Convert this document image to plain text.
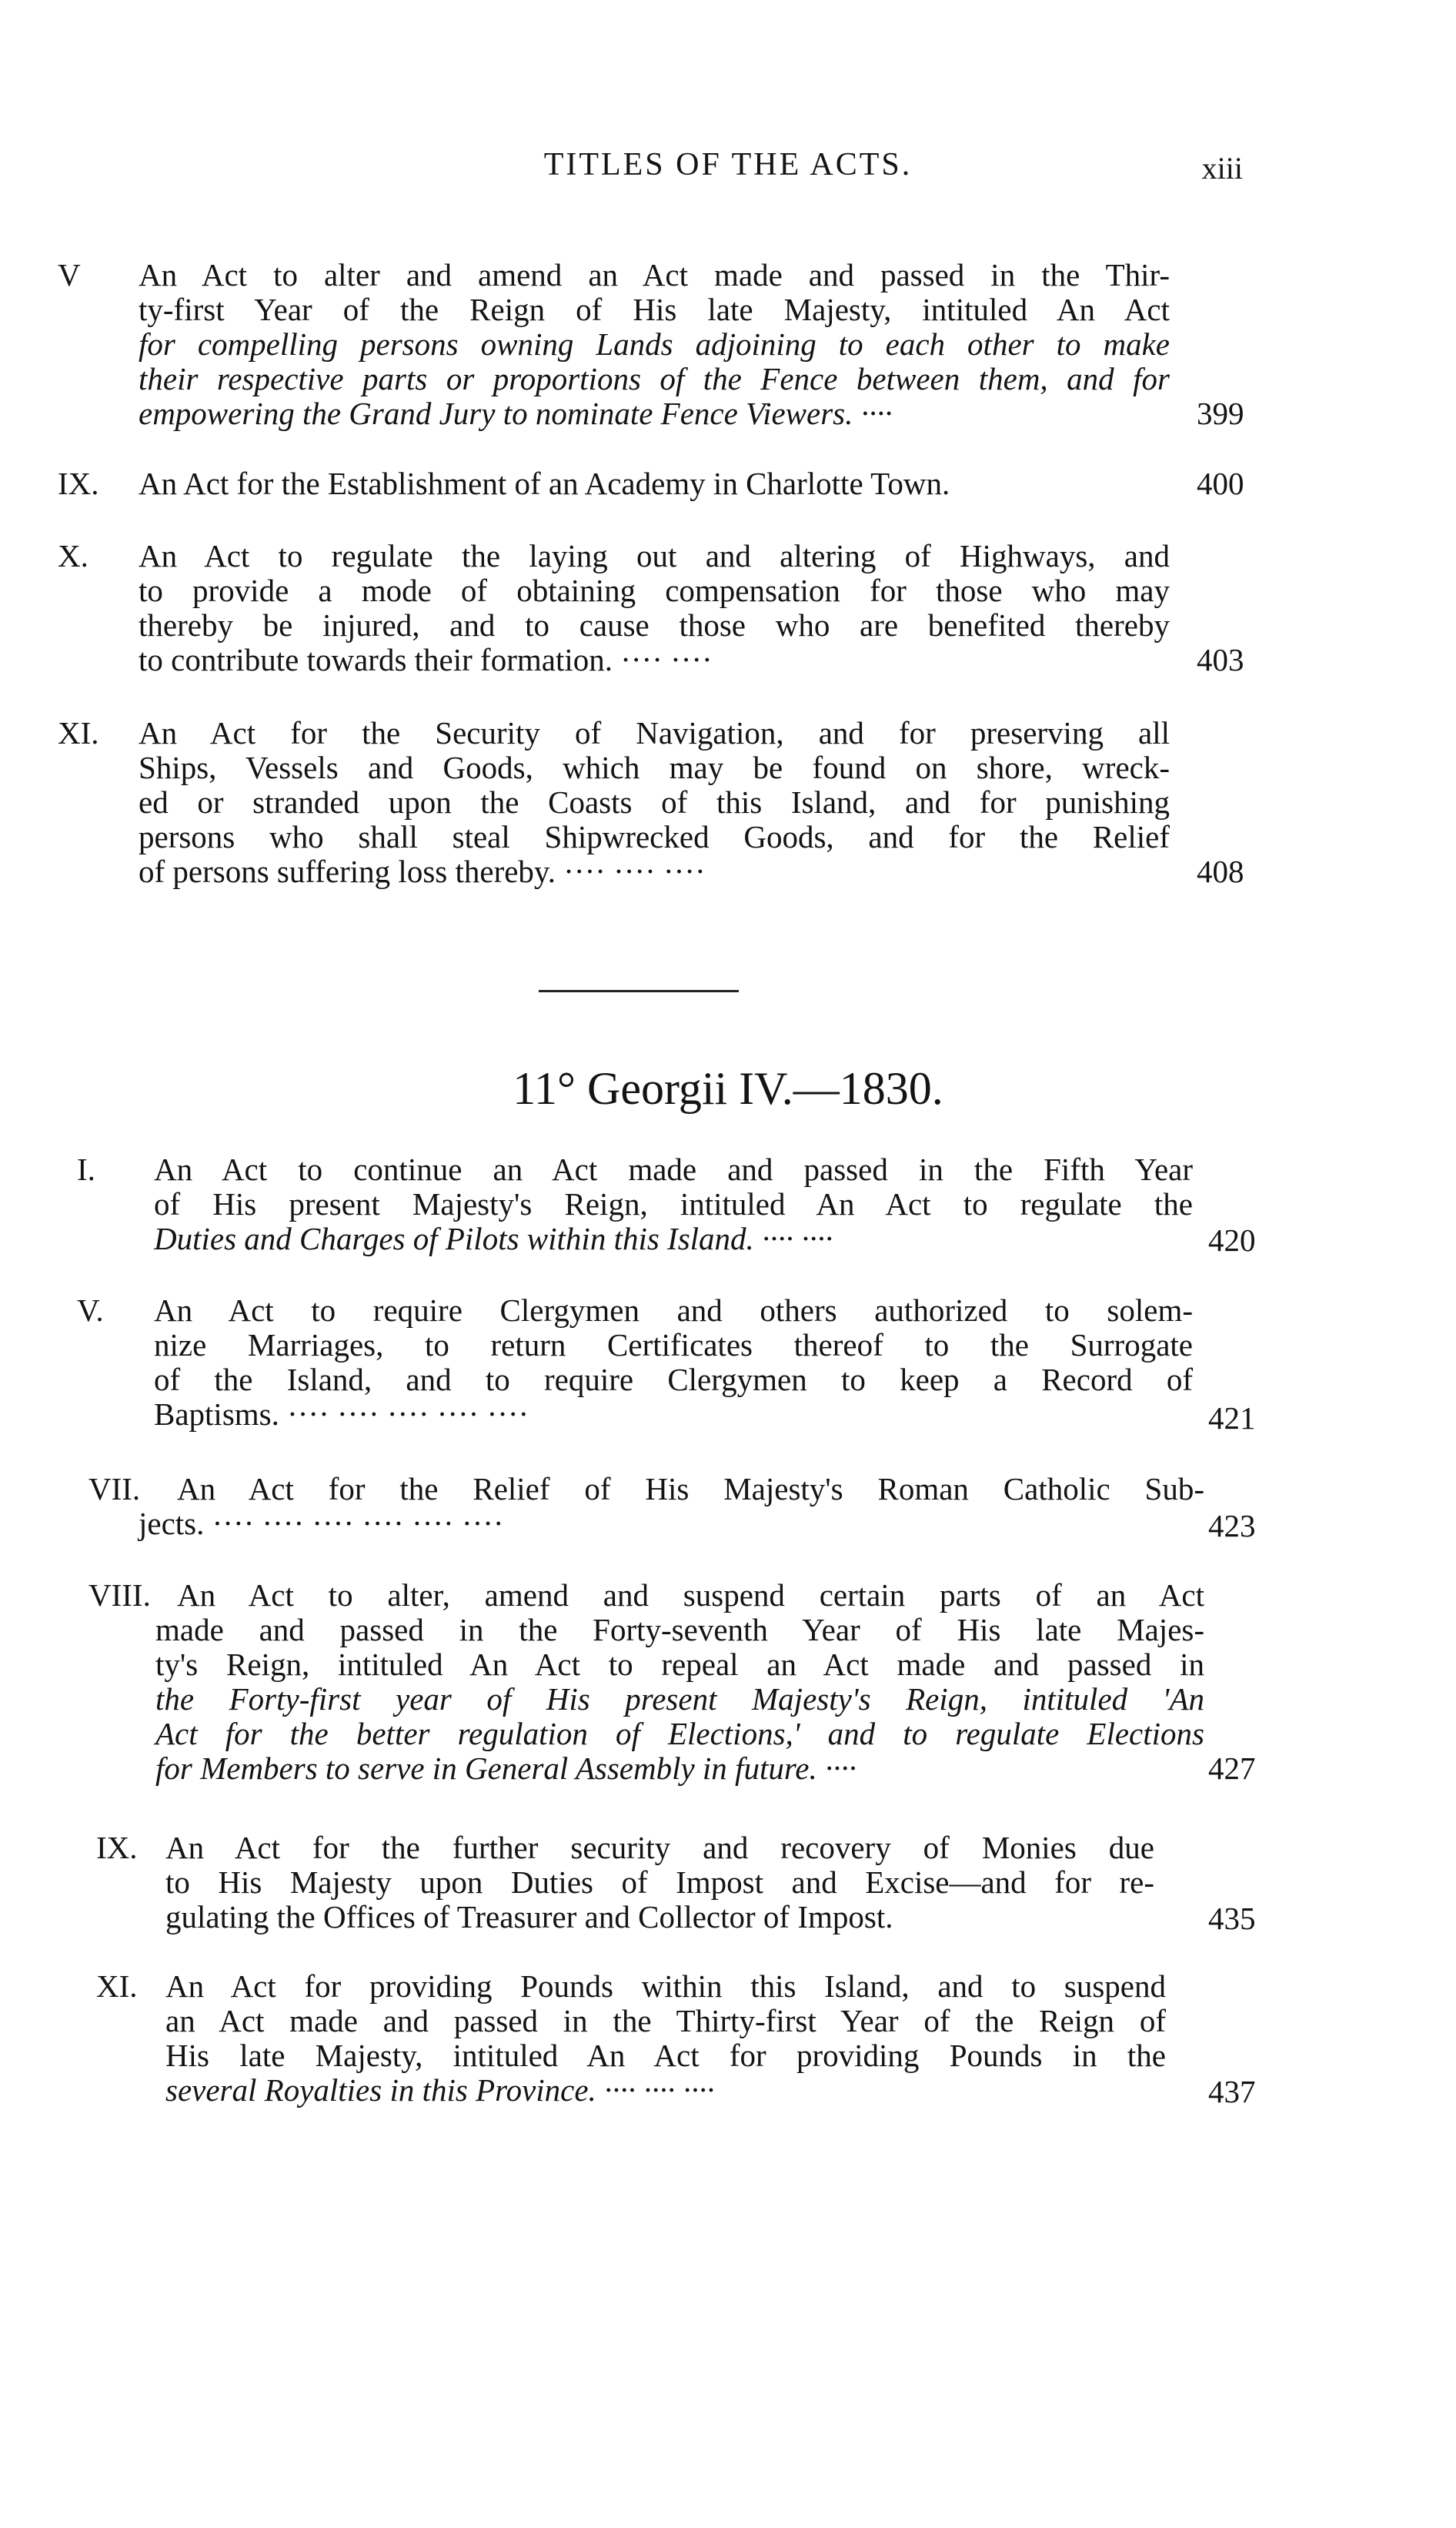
TITLES OF THE ACTS.	xiii
V An Act to alter and amend an Act made and passed in the Thir-
ty-first Year of the Reign of His late Majesty, intituled An Act
for compelling persons owning Lands adjoining to each other to make
their respective parts or proportions of the Fence between them, and for
empowering the Grand Jury to nominate Fence Viewers. ····	399
IX. An Act for the Establishment of an Academy in Charlotte Town.	400
X. An Act to regulate the laying out and altering of Highways, and
to provide a mode of obtaining compensation for those who may
thereby be injured, and to cause those who are benefited thereby
to contribute towards their formation. ···· ····	403
XI. An Act for the Security of Navigation, and for preserving all
Ships, Vessels and Goods, which may be found on shore, wreck-
ed or stranded upon the Coasts of this Island, and for punishing
persons who shall steal Shipwrecked Goods, and for the Relief
of persons suffering loss thereby. ···· ···· ····	408
11° Georgii IV.—1830.
I. An Act to continue an Act made and passed in the Fifth Year
of His present Majesty's Reign, intituled An Act to regulate the
Duties and Charges of Pilots within this Island. ···· ····	420
V. An Act to require Clergymen and others authorized to solem-
nize Marriages, to return Certificates thereof to the Surrogate
of the Island, and to require Clergymen to keep a Record of
Baptisms. ···· ···· ···· ···· ····	421
VII. An Act for the Relief of His Majesty's Roman Catholic Sub-
jects. ···· ···· ···· ···· ···· ····	423
VIII. An Act to alter, amend and suspend certain parts of an Act
made and passed in the Forty-seventh Year of His late Majes-
ty's Reign, intituled An Act to repeal an Act made and passed in
the Forty-first year of His present Majesty's Reign, intituled 'An
Act for the better regulation of Elections,' and to regulate Elections
for Members to serve in General Assembly in future. ····	427
IX. An Act for the further security and recovery of Monies due
to His Majesty upon Duties of Impost and Excise—and for re-
gulating the Offices of Treasurer and Collector of Impost.	435
XI. An Act for providing Pounds within this Island, and to suspend
an Act made and passed in the Thirty-first Year of the Reign of
His late Majesty, intituled An Act for providing Pounds in the
several Royalties in this Province. ···· ···· ····	437
